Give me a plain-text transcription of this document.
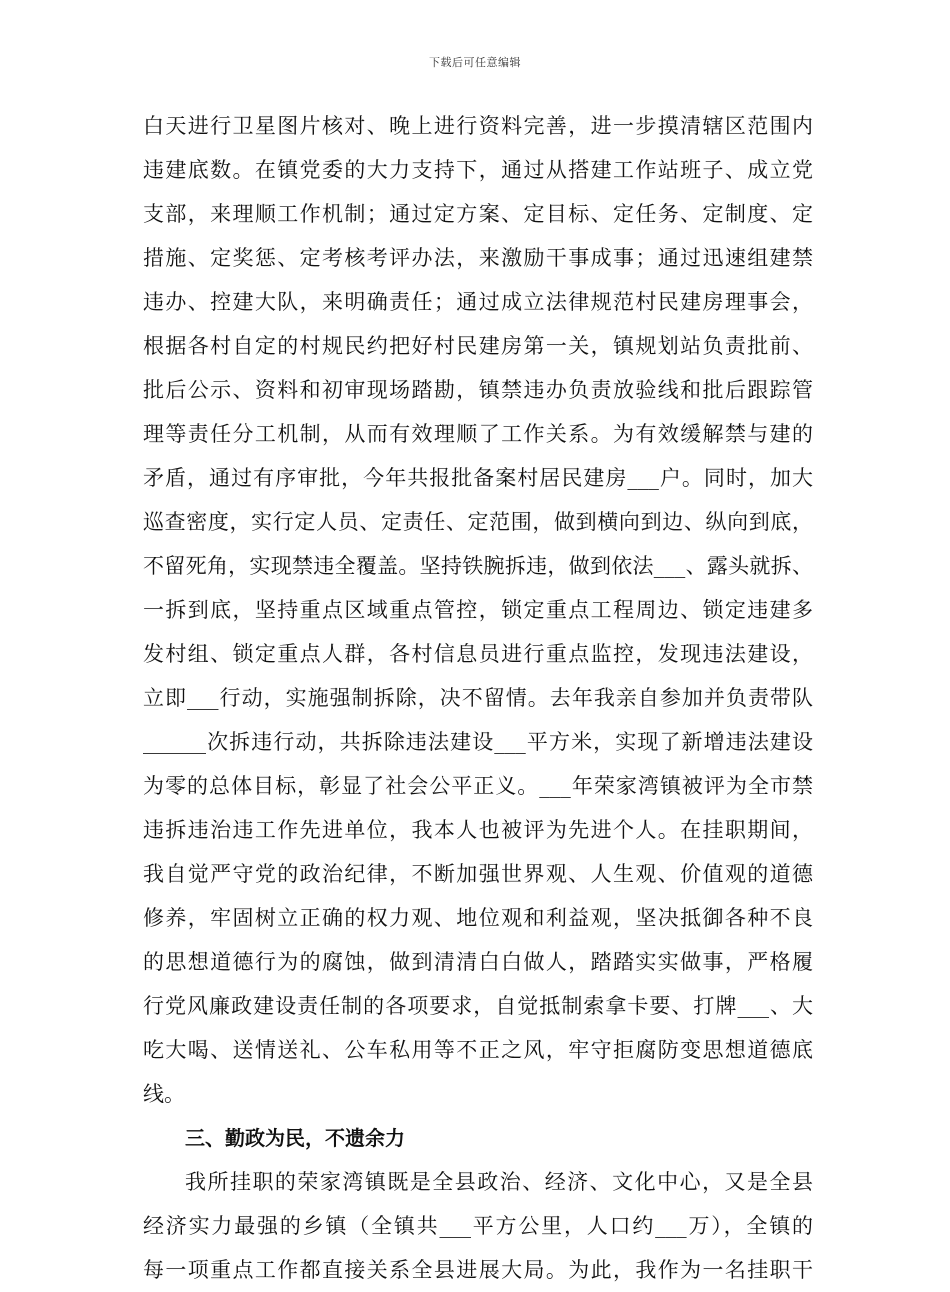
下载后可任意编辑
白天进行卫星图片核对、晚上进行资料完善，进一步摸清辖区范围内
违建底数。在镇党委的大力支持下，通过从搭建工作站班子、成立党
支部，来理顺工作机制；通过定方案、定目标、定任务、定制度、定
措施、定奖惩、定考核考评办法，来激励干事成事；通过迅速组建禁
违办、控建大队，来明确责任；通过成立法律规范村民建房理事会，
根据各村自定的村规民约把好村民建房第一关，镇规划站负责批前、
批后公示、资料和初审现场踏勘，镇禁违办负责放验线和批后跟踪管
理等责任分工机制，从而有效理顺了工作关系。为有效缓解禁与建的
矛盾，通过有序审批，今年共报批备案村居民建房___户。同时，加大
巡查密度，实行定人员、定责任、定范围，做到横向到边、纵向到底，
不留死角，实现禁违全覆盖。坚持铁腕拆违，做到依法___、露头就拆、
一拆到底，坚持重点区域重点管控，锁定重点工程周边、锁定违建多
发村组、锁定重点人群，各村信息员进行重点监控，发现违法建设，
立即___行动，实施强制拆除，决不留情。去年我亲自参加并负责带队
______次拆违行动，共拆除违法建设___平方米，实现了新增违法建设
为零的总体目标，彰显了社会公平正义。___年荣家湾镇被评为全市禁
违拆违治违工作先进单位，我本人也被评为先进个人。在挂职期间，
我自觉严守党的政治纪律，不断加强世界观、人生观、价值观的道德
修养，牢固树立正确的权力观、地位观和利益观，坚决抵御各种不良
的思想道德行为的腐蚀，做到清清白白做人，踏踏实实做事，严格履
行党风廉政建设责任制的各项要求，自觉抵制索拿卡要、打牌___、大
吃大喝、送情送礼、公车私用等不正之风，牢守拒腐防变思想道德底
线。
三、勤政为民，不遗余力
我所挂职的荣家湾镇既是全县政治、经济、文化中心，又是全县
经济实力最强的乡镇（全镇共___平方公里，人口约___万），全镇的
每一项重点工作都直接关系全县进展大局。为此，我作为一名挂职干
